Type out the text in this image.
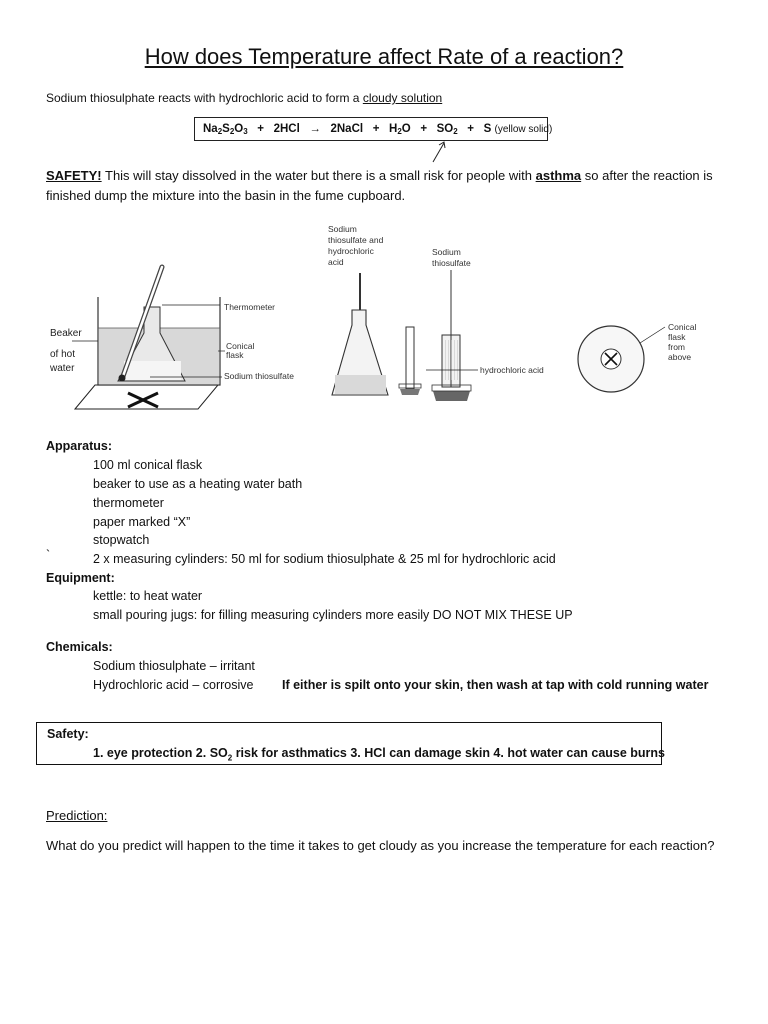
How does Temperature affect Rate of a reaction?
Sodium thiosulphate reacts with hydrochloric acid to form a cloudy solution
$Na_2S_2O_3 + 2HCl$ → 2NaCl + $H_2O + SO_2 + S$ (yellow solid)
SAFETY! This will stay dissolved in the water but there is a small risk for people with asthma so after the reaction is finished dump the mixture into the basin in the fume cupboard.
Thermometer
Conical
flask
Sodium thiosulfate
Beaker
of hot
water
Sodium
thiosulfate and
hydrochloric
acid
Sodium
thiosulfate
hydrochloric acid
Conical
flask
from
above
Apparatus:
100 ml conical flask
beaker to use as a heating water bath
thermometer
paper marked “X”
stopwatch
`	2 x measuring cylinders: 50 ml for sodium thiosulphate & 25 ml for hydrochloric acid
Equipment:
kettle: to heat water
small pouring jugs: for filling measuring cylinders more easily DO NOT MIX THESE UP
Chemicals:
Sodium thiosulphate – irritant
Hydrochloric acid – corrosive If either is spilt onto your skin, then wash at tap with cold running water
Safety:
1. eye protection 2. $SO_2$ risk for asthmatics 3. HCl can damage skin 4. hot water can cause burns
Prediction:
What do you predict will happen to the time it takes to get cloudy as you increase the temperature for each reaction?
